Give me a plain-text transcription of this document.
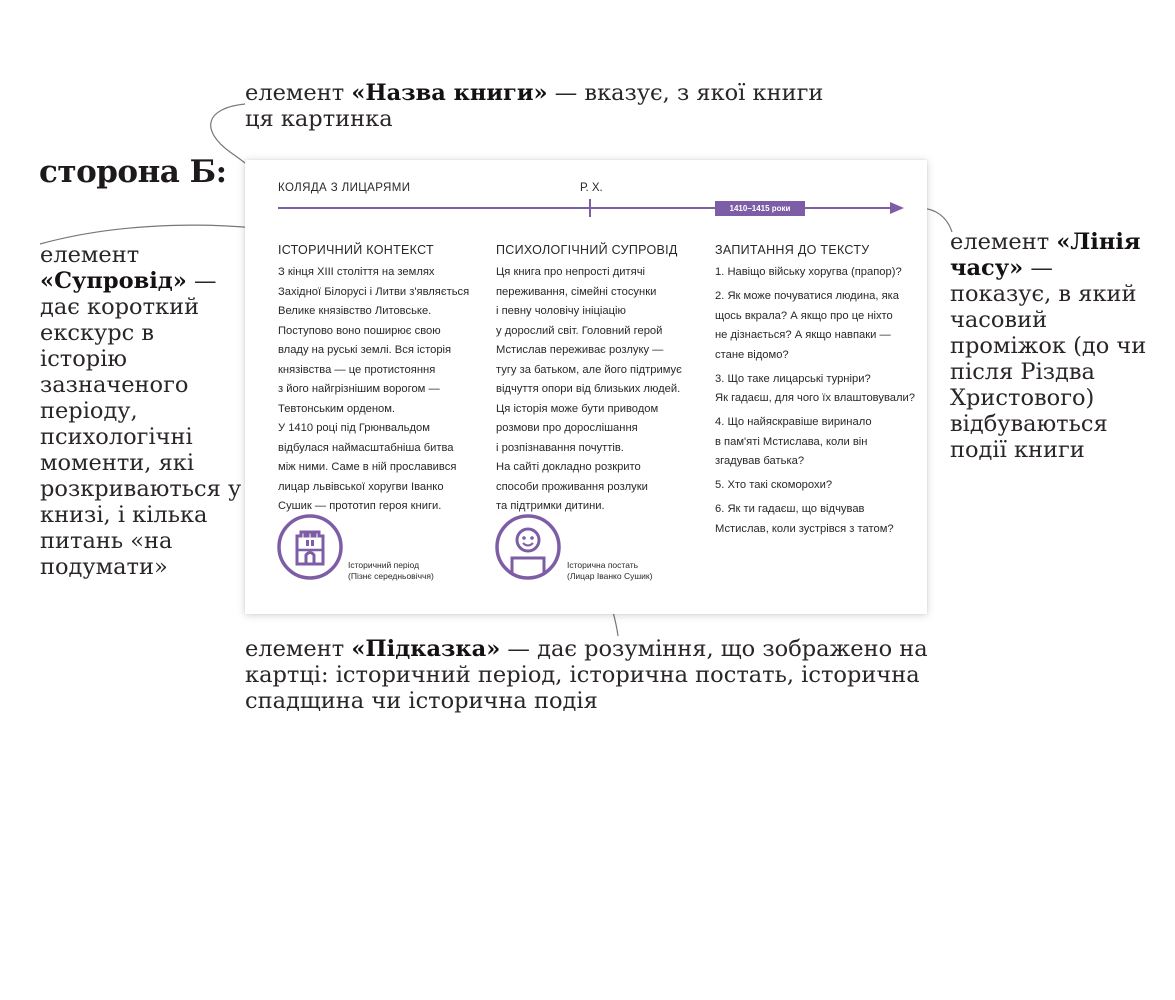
сторона Б:
елемент «Назва книги» — вказує, з якої книги ця картинка
елемент «Супровід» — дає короткий екскурс в історію зазначеного періоду, психологічні моменти, які розкриваються у книзі, і кілька питань «на подумати»
елемент «Лінія часу» — показує, в який часовий проміжок (до чи після Різдва Христового) відбуваються події книги
елемент «Підказка» — дає розуміння, що зображено на картці: історичний період, історична постать, історична спадщина чи історична подія
КОЛЯДА З ЛИЦАРЯМИ	Р. Х.
1410–1415 роки
ІСТОРИЧНИЙ КОНТЕКСТ
З кінця XIII століття на землях
Західної Білорусі і Литви з'являється
Велике князівство Литовське.
Поступово воно поширює свою
владу на руські землі. Вся історія
князівства — це протистояння
з його найгрізнішим ворогом —
Тевтонським орденом.
У 1410 році під Грюнвальдом
відбулася наймасштабніша битва
між ними. Саме в ній прославився
лицар львівської хоругви Іванко
Сушик — прототип героя книги.
Історичний період
(Пізнє середньовіччя)
ПСИХОЛОГІЧНИЙ СУПРОВІД
Ця книга про непрості дитячі
переживання, сімейні стосунки
і певну чоловічу ініціацію
у дорослий світ. Головний герой
Мстислав переживає розлуку —
тугу за батьком, але його підтримує
відчуття опори від близьких людей.
Ця історія може бути приводом
розмови про дорослішання
і розпізнавання почуттів.
На сайті докладно розкрито
способи проживання розлуки
та підтримки дитини.
Історична постать
(Лицар Іванко Сушик)
ЗАПИТАННЯ ДО ТЕКСТУ
1. Навіщо війську хоругва (прапор)?
2. Як може почуватися людина, яка
щось вкрала? А якщо про це ніхто
не дізнається? А якщо навпаки —
стане відомо?
3. Що таке лицарські турніри?
Як гадаєш, для чого їх влаштовували?
4. Що найяскравіше виринало
в пам'яті Мстислава, коли він
згадував батька?
5. Хто такі скоморохи?
6. Як ти гадаєш, що відчував
Мстислав, коли зустрівся з татом?
